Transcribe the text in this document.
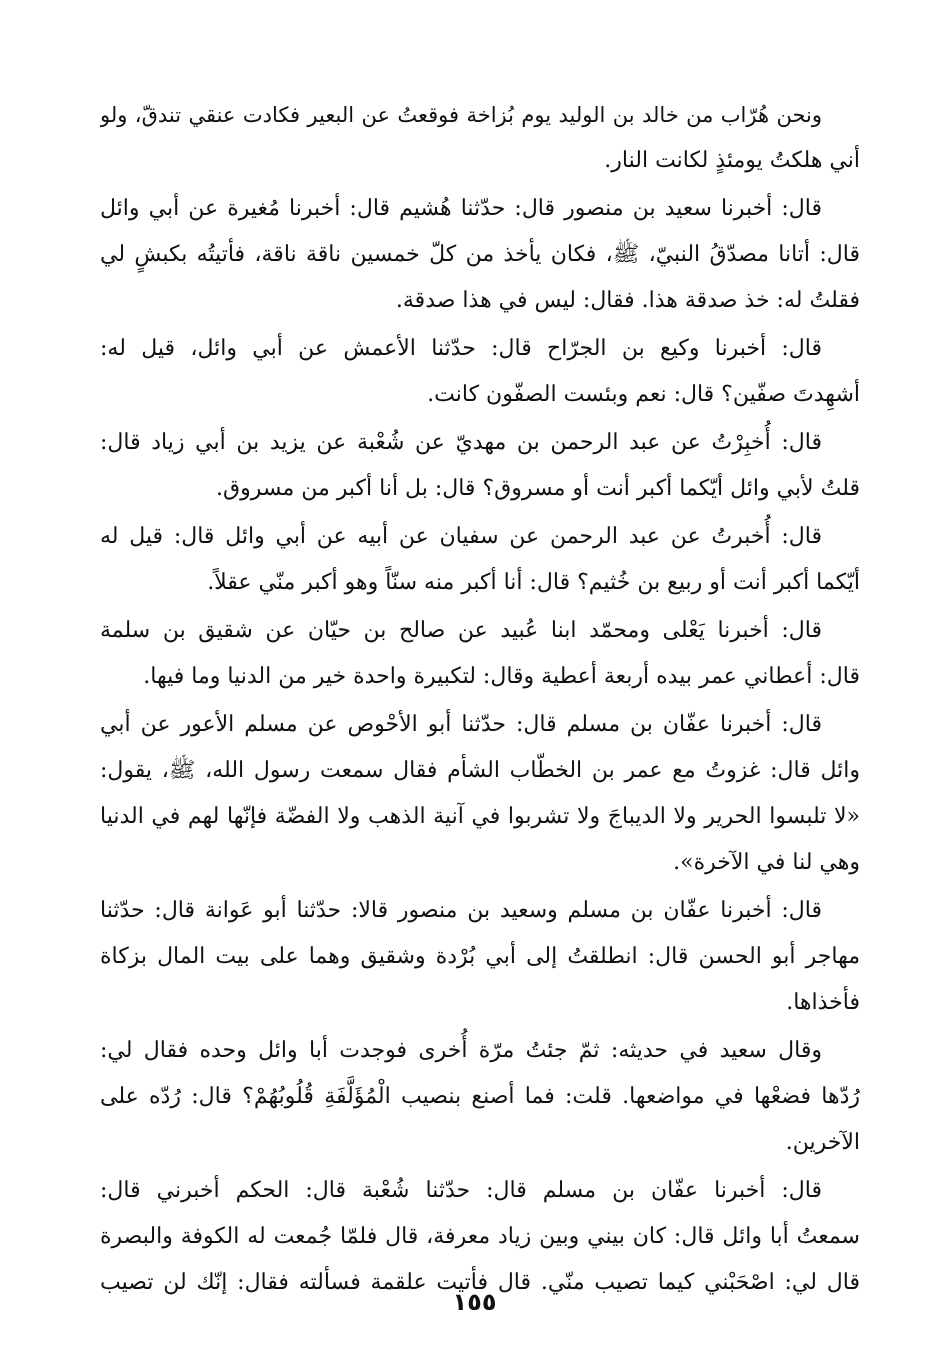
ونحن هُرّاب من خالد بن الوليد يوم بُزاخة فوقعتُ عن البعير فكادت عنقي تندقّ، ولو
أني هلكتُ يومئذٍ لكانت النار.
قال: أخبرنا سعيد بن منصور قال: حدّثنا هُشيم قال: أخبرنا مُغيرة عن أبي وائل
قال: أتانا مصدّقُ النبيّ، ﷺ، فكان يأخذ من كلّ خمسين ناقة ناقة، فأتيتُه بكبشٍ لي
فقلتُ له: خذ صدقة هذا. فقال: ليس في هذا صدقة.
قال: أخبرنا وكيع بن الجرّاح قال: حدّثنا الأعمش عن أبي وائل، قيل له:
أشهِدتَ صفّين؟ قال: نعم وبئست الصفّون كانت.
قال: أُخبِرْتُ عن عبد الرحمن بن مهديّ عن شُعْبة عن يزيد بن أبي زياد قال:
قلتُ لأبي وائل أيّكما أكبر أنت أو مسروق؟ قال: بل أنا أكبر من مسروق.
قال: أُخبرتُ عن عبد الرحمن عن سفيان عن أبيه عن أبي وائل قال: قيل له
أيّكما أكبر أنت أو ربيع بن خُثيم؟ قال: أنا أكبر منه سنّاً وهو أكبر منّي عقلاً.
قال: أخبرنا يَعْلى ومحمّد ابنا عُبيد عن صالح بن حيّان عن شقيق بن سلمة
قال: أعطاني عمر بيده أربعة أعطية وقال: لتكبيرة واحدة خير من الدنيا وما فيها.
قال: أخبرنا عفّان بن مسلم قال: حدّثنا أبو الأحْوص عن مسلم الأعور عن أبي
وائل قال: غزوتُ مع عمر بن الخطّاب الشأم فقال سمعت رسول الله، ﷺ، يقول:
«لا تلبسوا الحرير ولا الديباجَ ولا تشربوا في آنية الذهب ولا الفضّة فإنّها لهم في الدنيا
وهي لنا في الآخرة».
قال: أخبرنا عفّان بن مسلم وسعيد بن منصور قالا: حدّثنا أبو عَوانة قال: حدّثنا
مهاجر أبو الحسن قال: انطلقتُ إلى أبي بُرْدة وشقيق وهما على بيت المال بزكاة
فأخذاها.
وقال سعيد في حديثه: ثمّ جئتُ مرّة أُخرى فوجدت أبا وائل وحده فقال لي:
رُدّها فضعْها في مواضعها. قلت: فما أصنع بنصيب الْمُؤَلَّفَةِ قُلُوبُهُمْ؟ قال: رُدّه على
الآخرين.
قال: أخبرنا عفّان بن مسلم قال: حدّثنا شُعْبة قال: الحكم أخبرني قال:
سمعتُ أبا وائل قال: كان بيني وبين زياد معرفة، قال فلمّا جُمعت له الكوفة والبصرة
قال لي: اصْحَبْني كيما تصيب منّي. قال فأتيت علقمة فسألته فقال: إنّك لن تصيب
١٥٥
